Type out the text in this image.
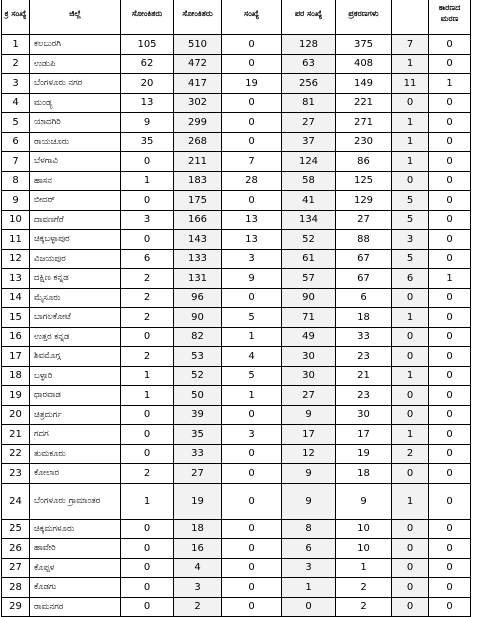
ಕ್ರ ಸಂಖ್ಯೆ	ಜಿಲ್ಲೆ	ಸೋಂಕಿತರು	ಸೋಂಕಿತರು	ಸಂಖ್ಯೆ	ಪರ ಸಂಖ್ಯೆ	ಪ್ರಕರಣಗಳು		ಕಾರಣದ ಮರಣ
1	ಕಲಬುರಗಿ	105	510	0	128	375	7	0
2	ಉಡುಪಿ	62	472	0	63	408	1	0
3	ಬೆಂಗಳೂರು ನಗರ	20	417	19	256	149	11	1
4	ಮಂಡ್ಯ	13	302	0	81	221	0	0
5	ಯಾದಗಿರಿ	9	299	0	27	271	1	0
6	ರಾಯಚೂರು	35	268	0	37	230	1	0
7	ಬೆಳಗಾವಿ	0	211	7	124	86	1	0
8	ಹಾಸನ	1	183	28	58	125	0	0
9	ಬೀದರ್	0	175	0	41	129	5	0
10	ದಾವಣಗೆರೆ	3	166	13	134	27	5	0
11	ಚಿಕ್ಕಬಳ್ಳಾಪುರ	0	143	13	52	88	3	0
12	ವಿಜಯಪುರ	6	133	3	61	67	5	0
13	ದಕ್ಷಿಣ ಕನ್ನಡ	2	131	9	57	67	6	1
14	ಮೈಸೂರು	2	96	0	90	6	0	0
15	ಬಾಗಲಕೋಟೆ	2	90	5	71	18	1	0
16	ಉತ್ತರ ಕನ್ನಡ	0	82	1	49	33	0	0
17	ಶಿವಮೊಗ್ಗ	2	53	4	30	23	0	0
18	ಬಳ್ಳಾರಿ	1	52	5	30	21	1	0
19	ಧಾರವಾಡ	1	50	1	27	23	0	0
20	ಚಿತ್ರದುರ್ಗ	0	39	0	9	30	0	0
21	ಗದಗ	0	35	3	17	17	1	0
22	ತುಮಕೂರು	0	33	0	12	19	2	0
23	ಕೋಲಾರ	2	27	0	9	18	0	0
24	ಬೆಂಗಳೂರು ಗ್ರಾಮಾಂತರ	1	19	0	9	9	1	0
25	ಚಿಕ್ಕಮಗಳೂರು	0	18	0	8	10	0	0
26	ಹಾವೇರಿ	0	16	0	6	10	0	0
27	ಕೊಪ್ಪಳ	0	4	0	3	1	0	0
28	ಕೊಡಗು	0	3	0	1	2	0	0
29	ರಾಮನಗರ	0	2	0	0	2	0	0
